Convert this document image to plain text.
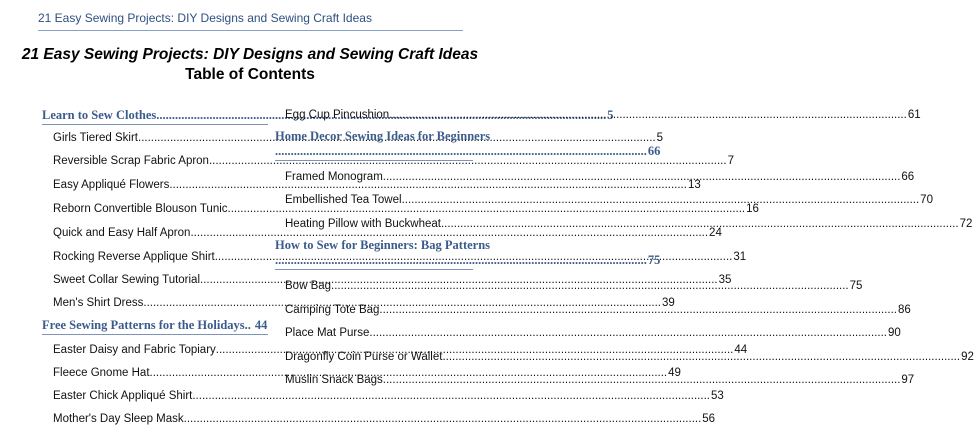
21 Easy Sewing Projects: DIY Designs and Sewing Craft Ideas
21 Easy Sewing Projects: DIY Designs and Sewing Craft Ideas
Table of Contents
Learn to Sew Clothes .....	5
Girls Tiered Skirt .....	5
Reversible Scrap Fabric Apron .....	7
Easy Appliqué Flowers .....	13
Reborn Convertible Blouson Tunic .....	16
Quick and Easy Half Apron .....	24
Rocking Reverse Applique Shirt .....	31
Sweet Collar Sewing Tutorial .....	35
Men's Shirt Dress .....	39
Free Sewing Patterns for the Holidays.. 44
Easter Daisy and Fabric Topiary .....	44
Fleece Gnome Hat .....	49
Easter Chick Appliqué Shirt .....	53
Mother's Day Sleep Mask .....	56
Egg Cup Pincushion .....	61
Home Decor Sewing Ideas for Beginners
....................................................................................................................... 66
Framed Monogram .....	66
Embellished Tea Towel .....	70
Heating Pillow with Buckwheat .....	72
How to Sew for Beginners: Bag Patterns
....................................................................................................................... 75
Bow Bag .....	75
Camping Tote Bag .....	86
Place Mat Purse .....	90
Dragonfly Coin Purse or Wallet .....	92
Muslin Snack Bags .....	97
